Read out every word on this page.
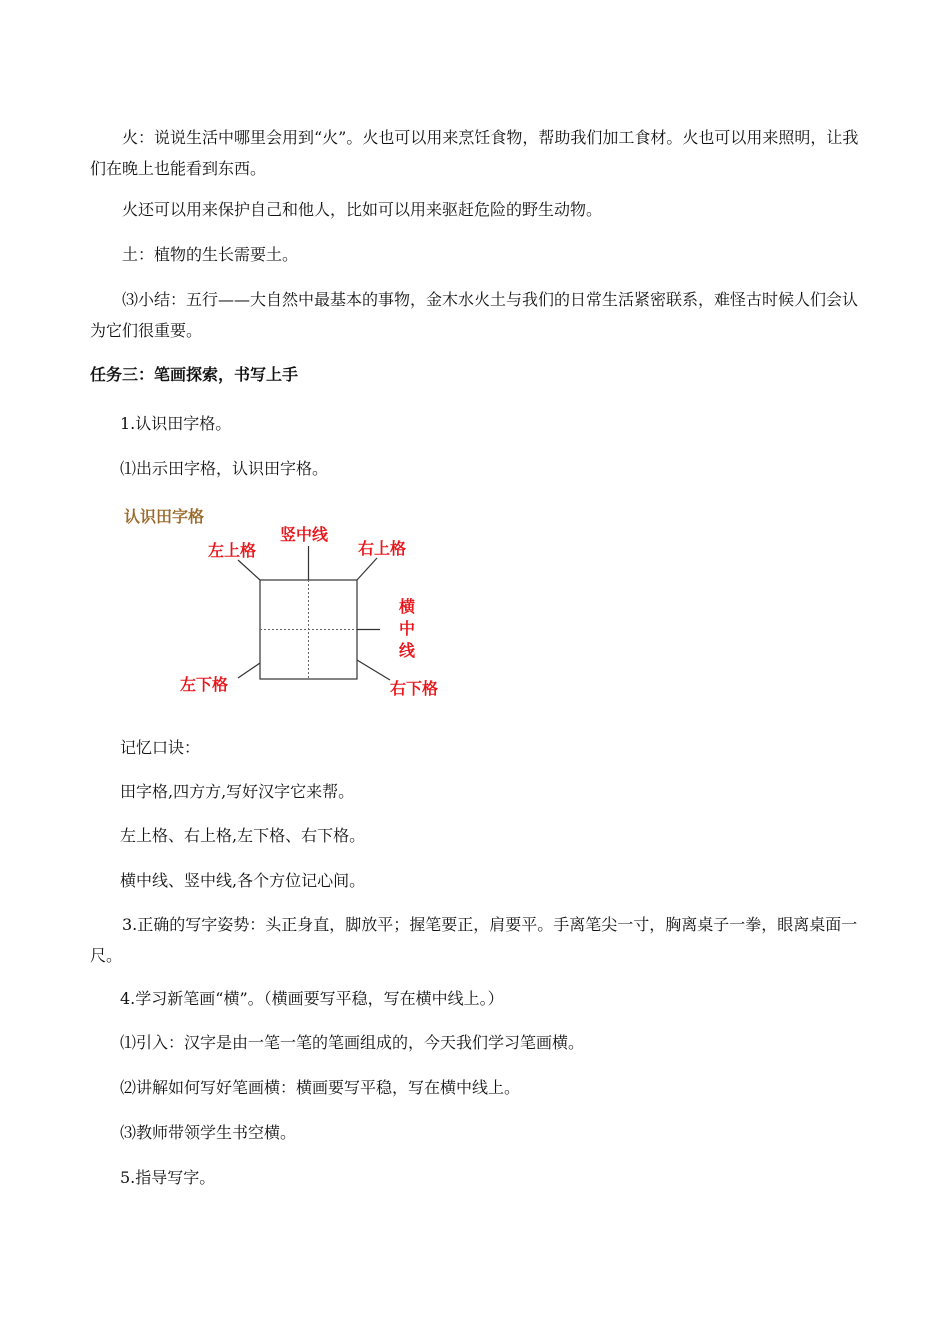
火：说说生活中哪里会用到“火”。火也可以用来烹饪食物，帮助我们加工食材。火也可以用来照明，让我们在晚上也能看到东西。

火还可以用来保护自己和他人，比如可以用来驱赶危险的野生动物。

土：植物的生长需要土。

⑶小结：五行——大自然中最基本的事物，金木水火土与我们的日常生活紧密联系，难怪古时候人们会认为它们很重要。

任务三：笔画探索，书写上手

1.认识田字格。

⑴出示田字格，认识田字格。

认识田字格
左上格
竖中线
右上格
横
中
线
左下格	右下格

记忆口诀：

田字格,四方方,写好汉字它来帮。

左上格、右上格,左下格、右下格。

横中线、竖中线,各个方位记心间。

3.正确的写字姿势：头正身直，脚放平；握笔要正，肩要平。手离笔尖一寸，胸离桌子一拳，眼离桌面一尺。

4.学习新笔画“横”。（横画要写平稳，写在横中线上。）

⑴引入：汉字是由一笔一笔的笔画组成的，今天我们学习笔画横。

⑵讲解如何写好笔画横：横画要写平稳，写在横中线上。

⑶教师带领学生书空横。

5.指导写字。
